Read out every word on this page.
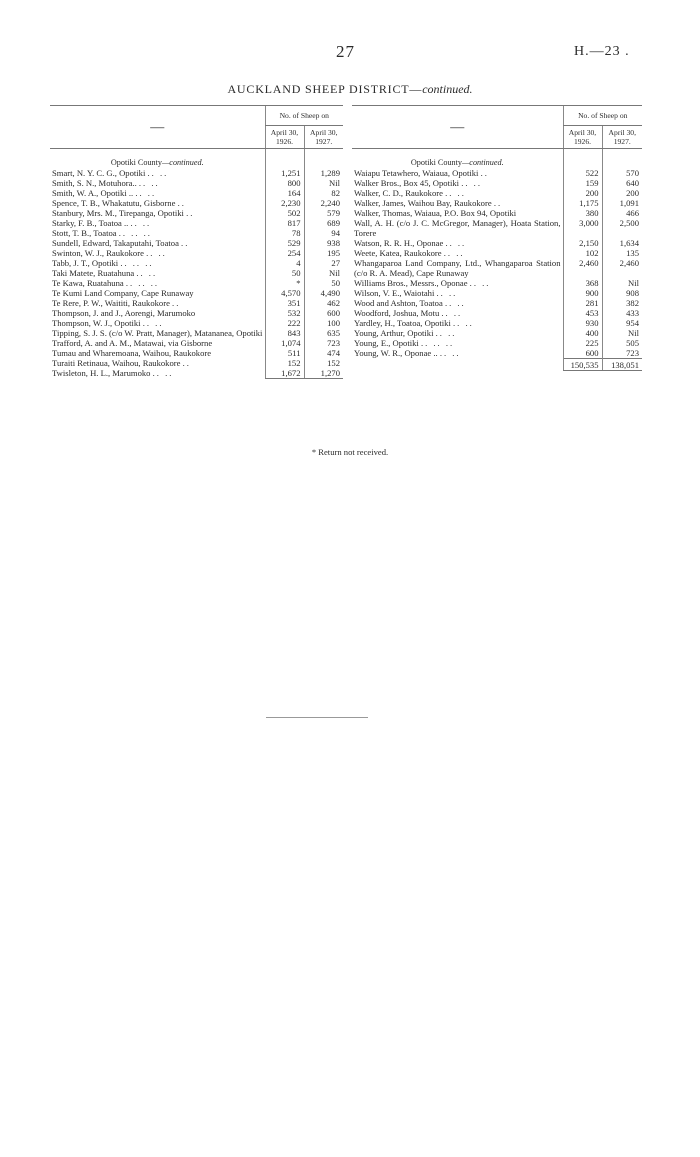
27	H.—23 .
AUCKLAND SHEEP DISTRICT—continued.
—	No. of Sheep on	
	April 30, 1926.	April 30, 1927.
Opotiki County—continued.		
Smart, N. Y. C. G., Opotiki .. ..	1,251	1,289
Smith, S. N., Motuhora.. .. ..	800	Nil
Smith, W. A., Opotiki .. .. ..	164	82
Spence, T. B., Whakatutu, Gisborne ..	2,230	2,240
Stanbury, Mrs. M., Tirepanga, Opotiki ..	502	579
Starky, F. B., Toatoa .. .. ..	817	689
Stott, T. B., Toatoa .. .. ..	78	94
Sundell, Edward, Takaputahi, Toatoa ..	529	938
Swinton, W. J., Raukokore .. ..	254	195
Tabb, J. T., Opotiki .. .. ..	4	27
Taki Matete, Ruatahuna .. ..	50	Nil
Te Kawa, Ruatahuna .. .. ..	*	50
Te Kumi Land Company, Cape Runaway	4,570	4,490
Te Rere, P. W., Waititi, Raukokore ..	351	462
Thompson, J. and J., Aorengi, Marumoko	532	600
Thompson, W. J., Opotiki .. ..	222	100
Tipping, S. J. S. (c/o W. Pratt, Manager), Matananea, Opotiki	843	635
Trafford, A. and A. M., Matawai, via Gisborne	1,074	723
Tumau and Wharemoana, Waihou, Raukokore	511	474
Turaiti Retinaua, Waihou, Raukokore ..	152	152
Twisleton, H. L., Marumoko .. ..	1,672	1,270
—	No. of Sheep on	
	April 30, 1926.	April 30, 1927.
Opotiki County—continued.		
Waiapu Tetawhero, Waiaua, Opotiki ..	522	570
Walker Bros., Box 45, Opotiki .. ..	159	640
Walker, C. D., Raukokore .. ..	200	200
Walker, James, Waihou Bay, Raukokore ..	1,175	1,091
Walker, Thomas, Waiaua, P.O. Box 94, Opotiki	380	466
Wall, A. H. (c/o J. C. McGregor, Manager), Hoata Station, Torere	3,000	2,500
Watson, R. R. H., Oponae .. ..	2,150	1,634
Weete, Katea, Raukokore .. ..	102	135
Whangaparoa Land Company, Ltd., Whangaparoa Station (c/o R. A. Mead), Cape Runaway	2,460	2,460
Williams Bros., Messrs., Oponae .. ..	368	Nil
Wilson, V. E., Waiotahi .. ..	900	908
Wood and Ashton, Toatoa .. ..	281	382
Woodford, Joshua, Motu .. ..	453	433
Yardley, H., Toatoa, Opotiki .. ..	930	954
Young, Arthur, Opotiki .. ..	400	Nil
Young, E., Opotiki .. .. ..	225	505
Young, W. R., Oponae .. .. ..	600	723
	150,535	138,051
* Return not received.
